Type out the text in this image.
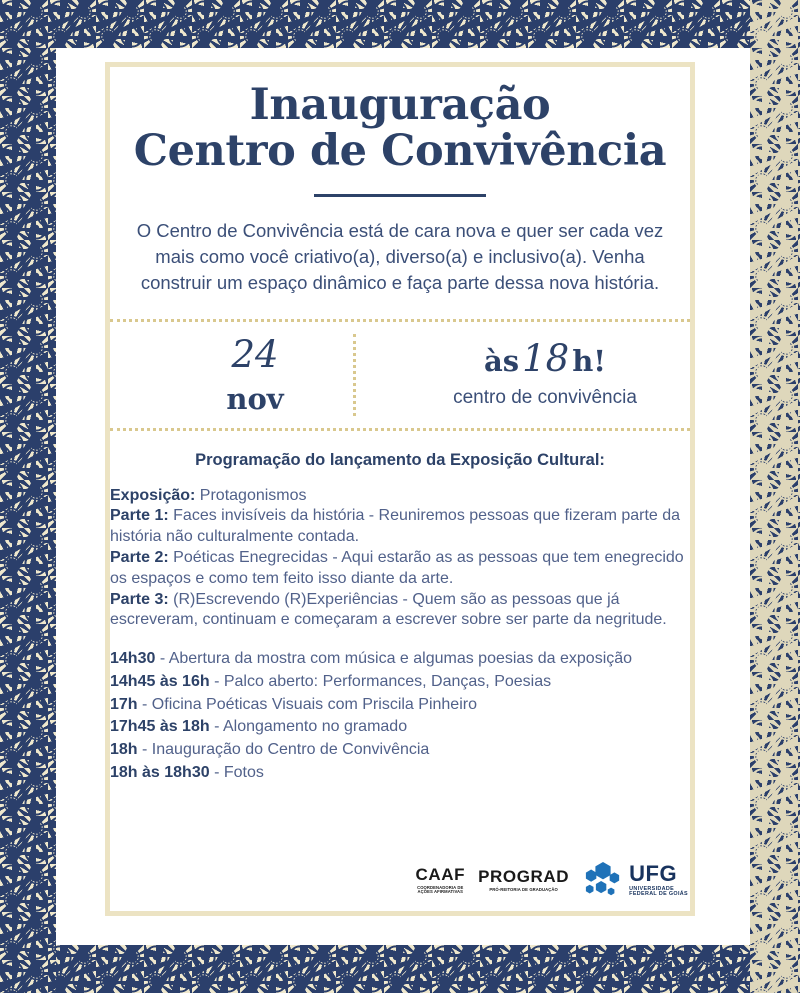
Inauguração
Centro de Convivência

O Centro de Convivência está de cara nova e quer ser cada vez mais como você criativo(a), diverso(a) e inclusivo(a). Venha construir um espaço dinâmico e faça parte dessa nova história.

24
nov
às18 h!
centro de convivência
Programação do lançamento da Exposição Cultural:
Exposição: Protagonismos
Parte 1: Faces invisíveis da história - Reuniremos pessoas que fizeram parte da história não culturalmente contada.
Parte 2: Poéticas Enegrecidas - Aqui estarão as as pessoas que tem enegrecido os espaços e como tem feito isso diante da arte.
Parte 3: (R)Escrevendo (R)Experiências - Quem são as pessoas que já escreveram, continuam e começaram a escrever sobre ser parte da negritude.
14h30 - Abertura da mostra com música e algumas poesias da exposição
14h45 às 16h - Palco aberto: Performances, Danças, Poesias
17h - Oficina Poéticas Visuais com Priscila Pinheiro
17h45 às 18h - Alongamento no gramado
18h - Inauguração do Centro de Convivência
18h às 18h30 - Fotos
CAAF
COORDENADORIA DE
AÇÕES AFIRMATIVAS
PROGRAD
PRÓ-REITORIA DE GRADUAÇÃO
UFG
UNIVERSIDADE
FEDERAL DE GOIÁS
